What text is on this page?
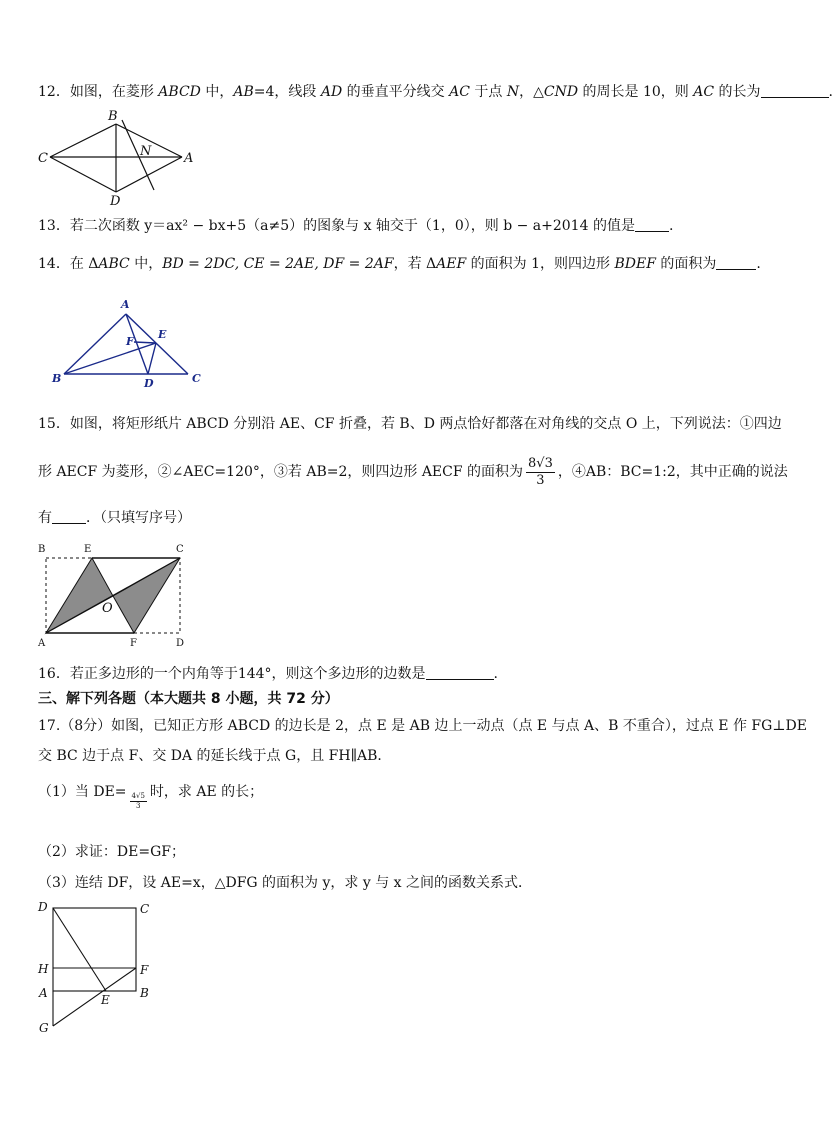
12．如图，在菱形 ABCD 中，AB=4，线段 AD 的垂直平分线交 AC 于点 N，△CND 的周长是 10，则 AC 的长为	.
B
C	N	A
D
13．若二次函数 y＝ax² − bx+5（a≠5）的图象与 x 轴交于（1，0），则 b − a+2014 的值是 .
14．在 ΔABC 中，BD = 2DC, CE = 2AE, DF = 2AF，若 ΔAEF 的面积为 1，则四边形 BDEF 的面积为	.
A
E
F
B	D	C
15．如图，将矩形纸片 ABCD 分别沿 AE、CF 折叠，若 B、D 两点恰好都落在对角线的交点 O 上，下列说法：①四边
形 AECF 为菱形，②∠AEC=120°，③若 AB=2，则四边形 AECF 的面积为 $\frac{8√3}{3}$ ，④AB：BC=1:2，其中正确的说法
有 ．（只填写序号）
B	E	C
A	F	D
O
16．若正多边形的一个内角等于144°，则这个多边形的边数是	.
三、解下列各题（本大题共 8 小题，共 72 分）
17.（8分）如图，已知正方形 ABCD 的边长是 2，点 E 是 AB 边上一动点（点 E 与点 A、B 不重合），过点 E 作 FG⊥DE
交 BC 边于点 F、交 DA 的延长线于点 G，且 FH∥AB．
（1）当 $DE= \frac{4√5}{3}$ 时，求 AE 的长；
（2）求证：DE=GF；
（3）连结 DF，设 AE=x，△DFG 的面积为 y，求 y 与 x 之间的函数关系式．
D	C
H	F
A	B
E
G
